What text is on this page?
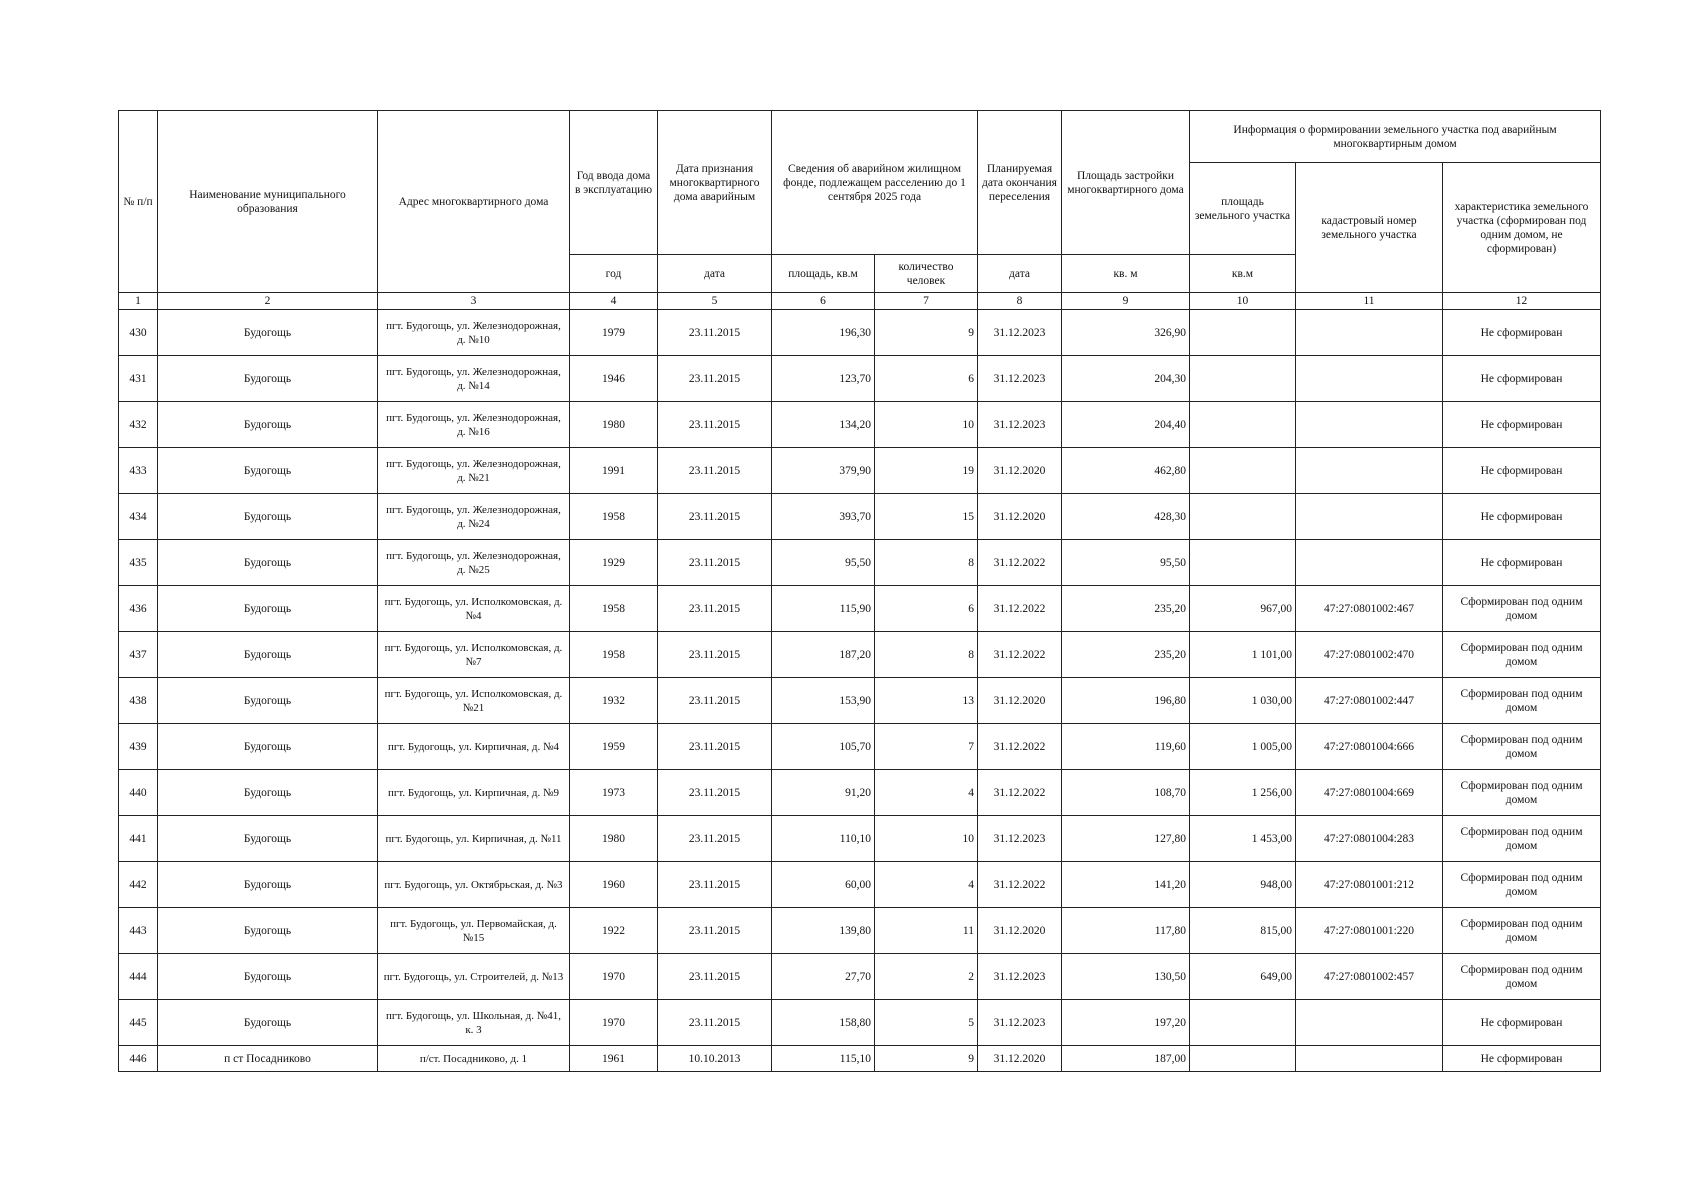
№ п/п	Наименование муниципального образования	Адрес многоквартирного дома	Год ввода дома в эксплуатацию	Дата признания многоквартирного дома аварийным	Сведения об аварийном жилищном фонде, подлежащем расселению до 1 сентября 2025 года		Планируемая дата окончания переселения	Площадь застройки многоквартирного дома	Информация о формировании земельного участка под аварийным многоквартирным домом		
									площадь земельного участка	кадастровый номер земельного участка	характеристика земельного участка (сформирован под одним домом, не сформирован)
			год	дата	площадь, кв.м	количество человек	дата	кв. м	кв.м		
1	2	3	4	5	6	7	8	9	10	11	12
430	Будогощь	пгт. Будогощь, ул. Железнодорожная, д. №10	1979	23.11.2015	196,30	9	31.12.2023	326,90			Не сформирован
431	Будогощь	пгт. Будогощь, ул. Железнодорожная, д. №14	1946	23.11.2015	123,70	6	31.12.2023	204,30			Не сформирован
432	Будогощь	пгт. Будогощь, ул. Железнодорожная, д. №16	1980	23.11.2015	134,20	10	31.12.2023	204,40			Не сформирован
433	Будогощь	пгт. Будогощь, ул. Железнодорожная, д. №21	1991	23.11.2015	379,90	19	31.12.2020	462,80			Не сформирован
434	Будогощь	пгт. Будогощь, ул. Железнодорожная, д. №24	1958	23.11.2015	393,70	15	31.12.2020	428,30			Не сформирован
435	Будогощь	пгт. Будогощь, ул. Железнодорожная, д. №25	1929	23.11.2015	95,50	8	31.12.2022	95,50			Не сформирован
436	Будогощь	пгт. Будогощь, ул. Исполкомовская, д. №4	1958	23.11.2015	115,90	6	31.12.2022	235,20	967,00	47:27:0801002:467	Сформирован под одним домом
437	Будогощь	пгт. Будогощь, ул. Исполкомовская, д. №7	1958	23.11.2015	187,20	8	31.12.2022	235,20	1 101,00	47:27:0801002:470	Сформирован под одним домом
438	Будогощь	пгт. Будогощь, ул. Исполкомовская, д. №21	1932	23.11.2015	153,90	13	31.12.2020	196,80	1 030,00	47:27:0801002:447	Сформирован под одним домом
439	Будогощь	пгт. Будогощь, ул. Кирпичная, д. №4	1959	23.11.2015	105,70	7	31.12.2022	119,60	1 005,00	47:27:0801004:666	Сформирован под одним домом
440	Будогощь	пгт. Будогощь, ул. Кирпичная, д. №9	1973	23.11.2015	91,20	4	31.12.2022	108,70	1 256,00	47:27:0801004:669	Сформирован под одним домом
441	Будогощь	пгт. Будогощь, ул. Кирпичная, д. №11	1980	23.11.2015	110,10	10	31.12.2023	127,80	1 453,00	47:27:0801004:283	Сформирован под одним домом
442	Будогощь	пгт. Будогощь, ул. Октябрьская, д. №3	1960	23.11.2015	60,00	4	31.12.2022	141,20	948,00	47:27:0801001:212	Сформирован под одним домом
443	Будогощь	пгт. Будогощь, ул. Первомайская, д. №15	1922	23.11.2015	139,80	11	31.12.2020	117,80	815,00	47:27:0801001:220	Сформирован под одним домом
444	Будогощь	пгт. Будогощь, ул. Строителей, д. №13	1970	23.11.2015	27,70	2	31.12.2023	130,50	649,00	47:27:0801002:457	Сформирован под одним домом
445	Будогощь	пгт. Будогощь, ул. Школьная, д. №41, к. 3	1970	23.11.2015	158,80	5	31.12.2023	197,20			Не сформирован
446	п ст Посадниково	п/ст. Посадниково, д. 1	1961	10.10.2013	115,10	9	31.12.2020	187,00			Не сформирован
